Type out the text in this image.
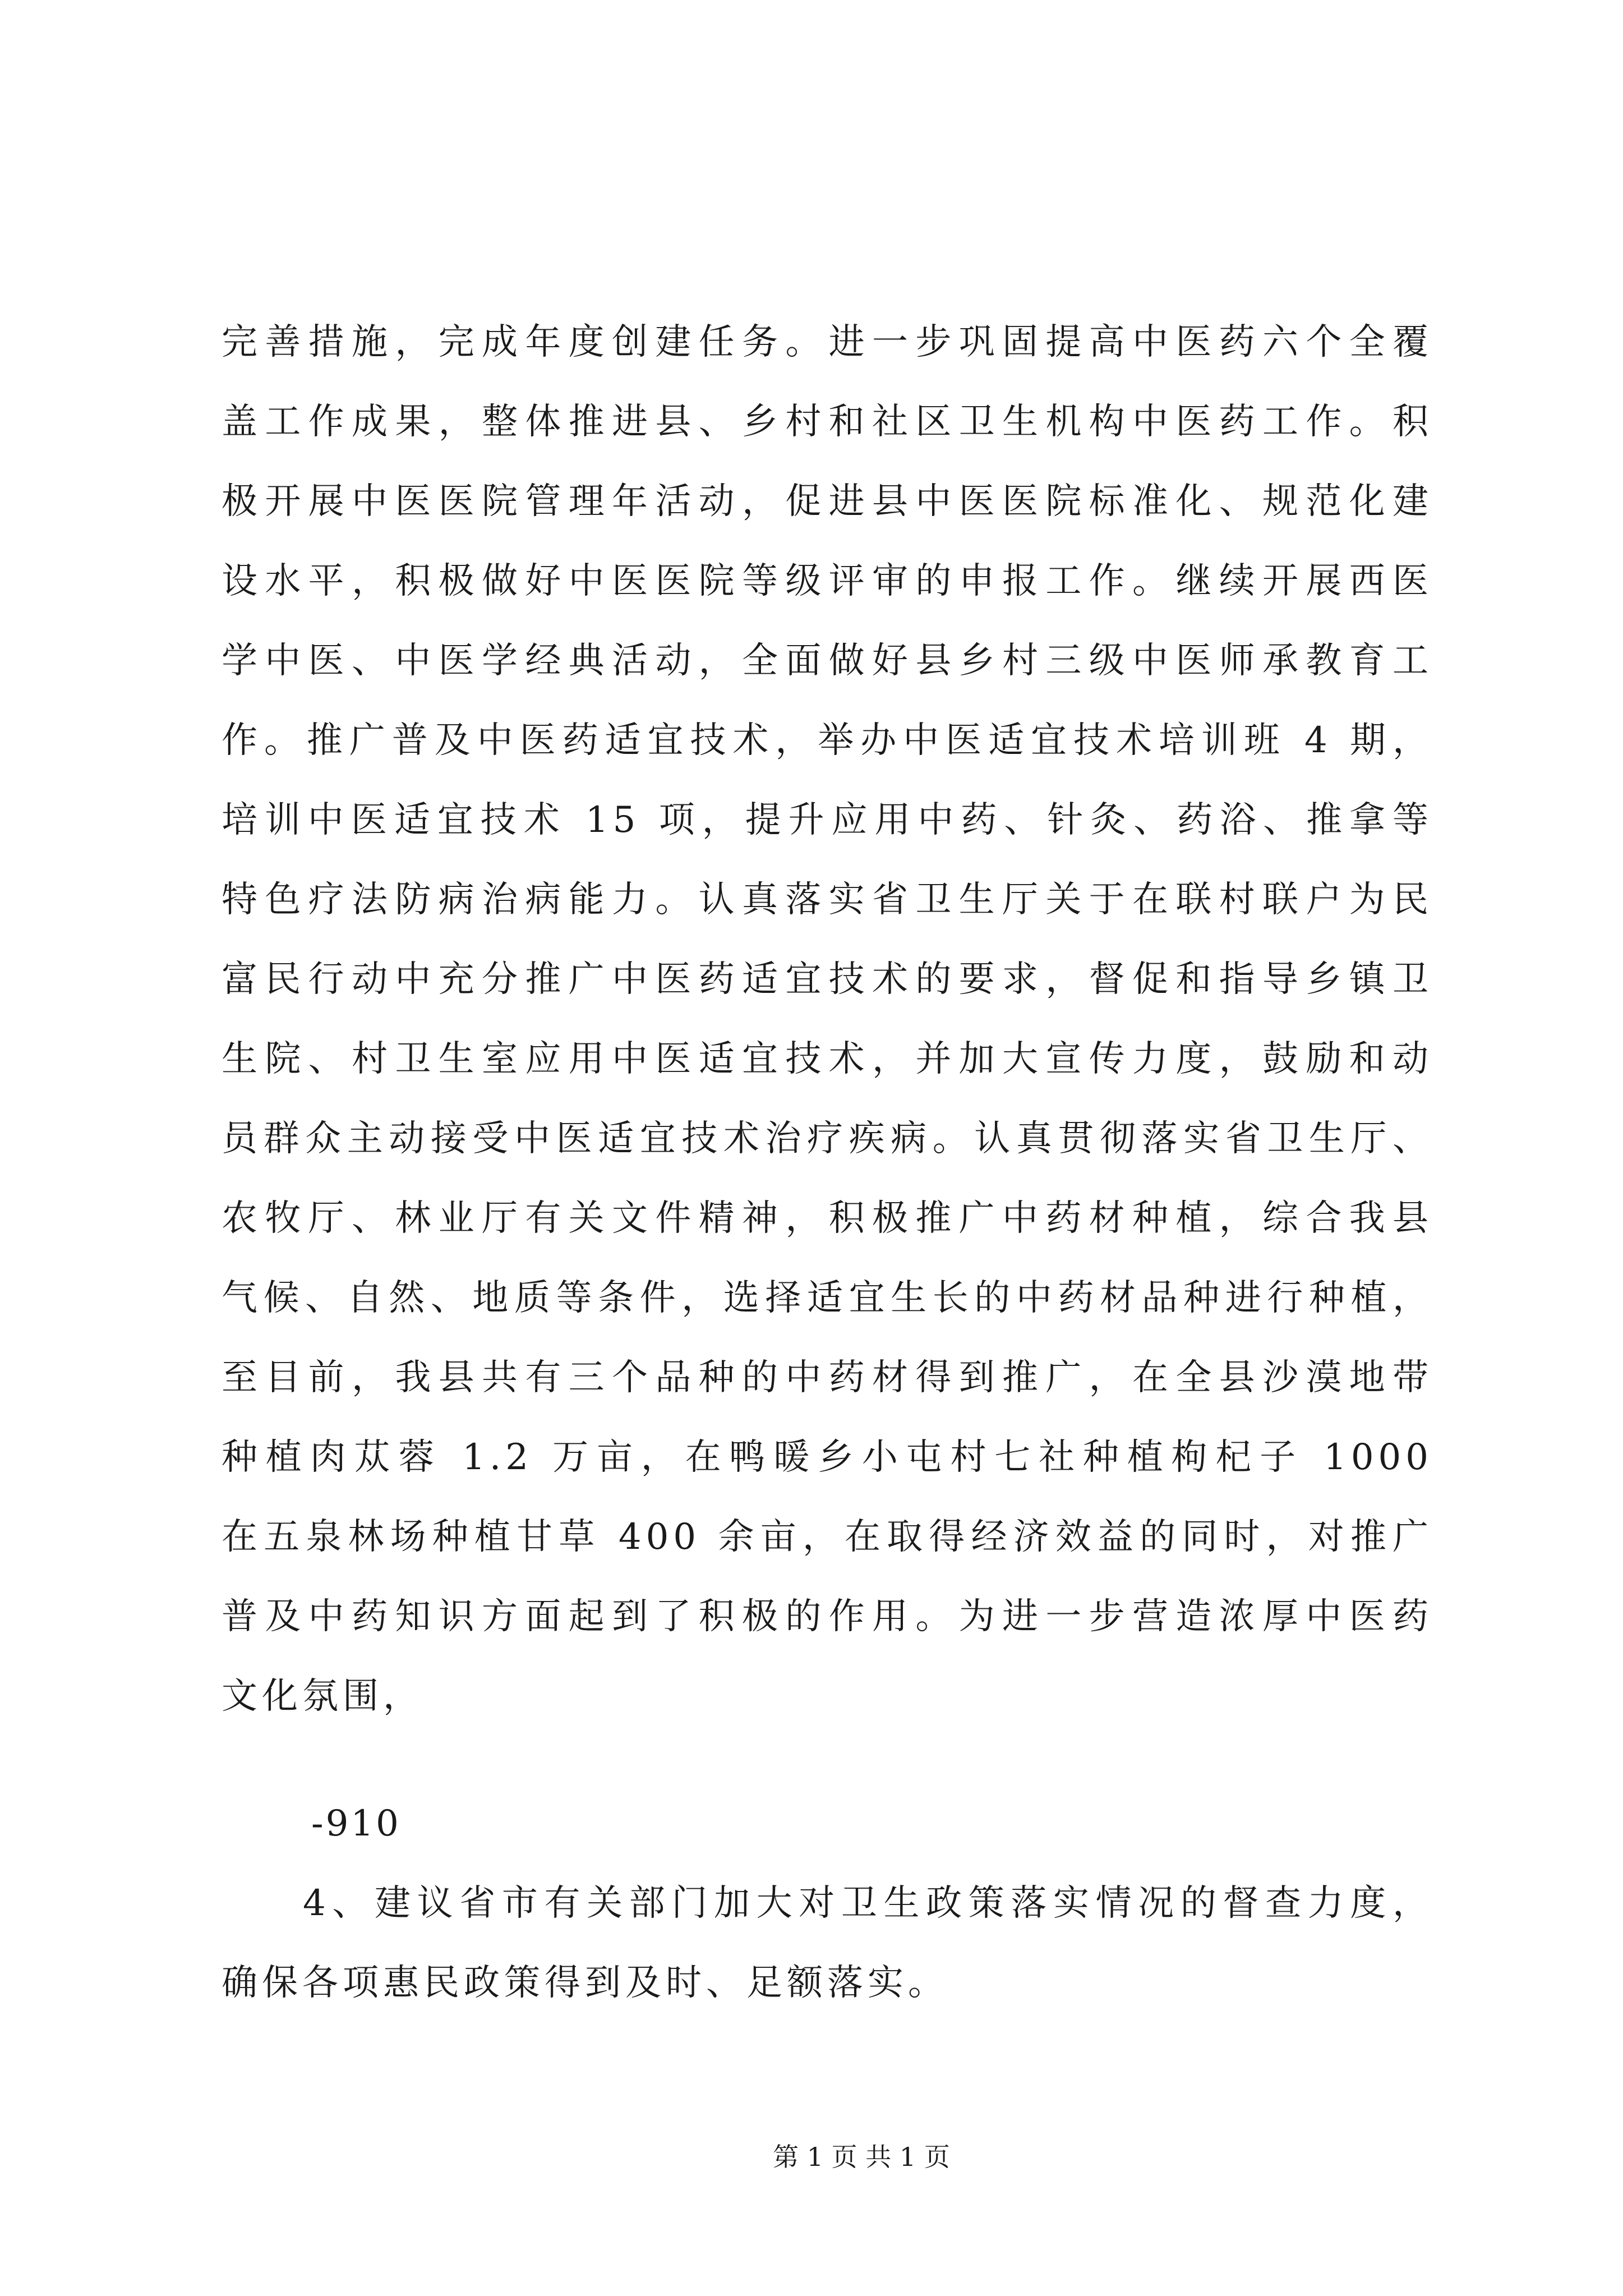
完善措施，完成年度创建任务。进一步巩固提高中医药六个全覆
盖工作成果，整体推进县、乡村和社区卫生机构中医药工作。积
极开展中医医院管理年活动，促进县中医医院标准化、规范化建
设水平，积极做好中医医院等级评审的申报工作。继续开展西医
学中医、中医学经典活动，全面做好县乡村三级中医师承教育工
作。推广普及中医药适宜技术，举办中医适宜技术培训班 4 期，
培训中医适宜技术 15 项，提升应用中药、针灸、药浴、推拿等
特色疗法防病治病能力。认真落实省卫生厅关于在联村联户为民
富民行动中充分推广中医药适宜技术的要求，督促和指导乡镇卫
生院、村卫生室应用中医适宜技术，并加大宣传力度，鼓励和动
员群众主动接受中医适宜技术治疗疾病。认真贯彻落实省卫生厅、
农牧厅、林业厅有关文件精神，积极推广中药材种植，综合我县
气候、自然、地质等条件，选择适宜生长的中药材品种进行种植，
至目前，我县共有三个品种的中药材得到推广，在全县沙漠地带
种植肉苁蓉 1.2 万亩，在鸭暖乡小屯村七社种植枸杞子 1000
在五泉林场种植甘草 400 余亩，在取得经济效益的同时，对推广
普及中药知识方面起到了积极的作用。为进一步营造浓厚中医药
文化氛围，
-910
4、建议省市有关部门加大对卫生政策落实情况的督查力度，
确保各项惠民政策得到及时、足额落实。
第 1 页 共 1 页
